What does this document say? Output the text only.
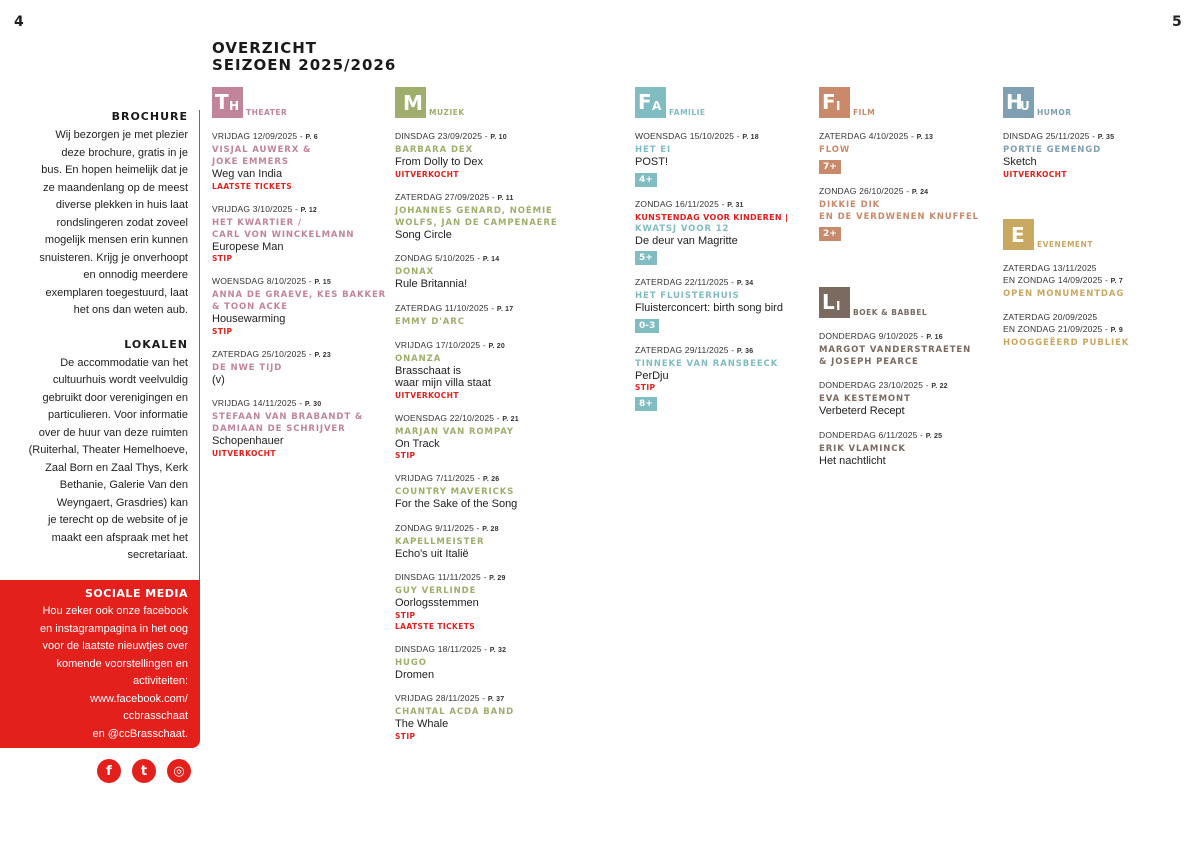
4	5
OVERZICHT
SEIZOEN 2025/2026
BROCHURE
Wij bezorgen je met plezier
deze brochure, gratis in je
bus. En hopen heimelijk dat je
ze maandenlang op de meest
diverse plekken in huis laat
rondslingeren zodat zoveel
mogelijk mensen erin kunnen
snuisteren. Krijg je onverhoopt
en onnodig meerdere
exemplaren toegestuurd, laat
het ons dan weten aub.
LOKALEN
De accommodatie van het
cultuurhuis wordt veelvuldig
gebruikt door verenigingen en
particulieren. Voor informatie
over de huur van deze ruimten
(Ruiterhal, Theater Hemelhoeve,
Zaal Born en Zaal Thys, Kerk
Bethanie, Galerie Van den
Weyngaert, Grasdries) kan
je terecht op de website of je
maakt een afspraak met het
secretariaat.
SOCIALE MEDIA
Hou zeker ook onze facebook
en instagrampagina in het oog
voor de laatste nieuwtjes over
komende voorstellingen en
activiteiten:
www.facebook.com/
ccbrasschaat
en @ccBrasschaat.
f	t	◎
T H THEATER
VRIJDAG 12/09/2025 - P. 6
VISJAL AUWERX &
JOKE EMMERS
Weg van India
LAATSTE TICKETS
VRIJDAG 3/10/2025 - P. 12
HET KWARTIER /
CARL VON WINCKELMANN
Europese Man
STIP
WOENSDAG 8/10/2025 - P. 15
ANNA DE GRAEVE, KES BAKKER
& TOON ACKE
Housewarming
STIP
ZATERDAG 25/10/2025 - P. 23
DE NWE TIJD
(v)
VRIJDAG 14/11/2025 - P. 30
STEFAAN VAN BRABANDT &
DAMIAAN DE SCHRIJVER
Schopenhauer
UITVERKOCHT
M MUZIEK
DINSDAG 23/09/2025 - P. 10
BARBARA DEX
From Dolly to Dex
UITVERKOCHT
ZATERDAG 27/09/2025 - P. 11
JOHANNES GENARD, NOÉMIE
WOLFS, JAN DE CAMPENAERE
Song Circle
ZONDAG 5/10/2025 - P. 14
DONAX
Rule Britannia!
ZATERDAG 11/10/2025 - P. 17
EMMY D'ARC
VRIJDAG 17/10/2025 - P. 20
ONANZA
Brasschaat is
waar mijn villa staat
UITVERKOCHT
WOENSDAG 22/10/2025 - P. 21
MARJAN VAN ROMPAY
On Track
STIP
VRIJDAG 7/11/2025 - P. 26
COUNTRY MAVERICKS
For the Sake of the Song
ZONDAG 9/11/2025 - P. 28
KAPELLMEISTER
Echo's uit Italië
DINSDAG 11/11/2025 - P. 29
GUY VERLINDE
Oorlogsstemmen
STIP
LAATSTE TICKETS
DINSDAG 18/11/2025 - P. 32
HUGO
Dromen
VRIJDAG 28/11/2025 - P. 37
CHANTAL ACDA BAND
The Whale
STIP
F A FAMILIE
WOENSDAG 15/10/2025 - P. 18
HET EI
POST!
4+
ZONDAG 16/11/2025 - P. 31
KUNSTENDAG VOOR KINDEREN |
KWATSJ VOOR 12
De deur van Magritte
5+
ZATERDAG 22/11/2025 - P. 34
HET FLUISTERHUIS
Fluisterconcert: birth song bird
0-3
ZATERDAG 29/11/2025 - P. 36
TINNEKE VAN RANSBEECK
PerDju
STIP
8+
F I FILM
ZATERDAG 4/10/2025 - P. 13
FLOW
7+
ZONDAG 26/10/2025 - P. 24
DIKKIE DIK
EN DE VERDWENEN KNUFFEL
2+
L I BOEK & BABBEL
DONDERDAG 9/10/2025 - P. 16
MARGOT VANDERSTRAETEN
& JOSEPH PEARCE
DONDERDAG 23/10/2025 - P. 22
EVA KESTEMONT
Verbeterd Recept
DONDERDAG 6/11/2025 - P. 25
ERIK VLAMINCK
Het nachtlicht
H
U HUMOR
DINSDAG 25/11/2025 - P. 35
PORTIE GEMENGD
Sketch
UITVERKOCHT
E EVENEMENT
ZATERDAG 13/11/2025
EN ZONDAG 14/09/2025 - P. 7
OPEN MONUMENTDAG
ZATERDAG 20/09/2025
EN ZONDAG 21/09/2025 - P. 9
HOOGGEËERD PUBLIEK
